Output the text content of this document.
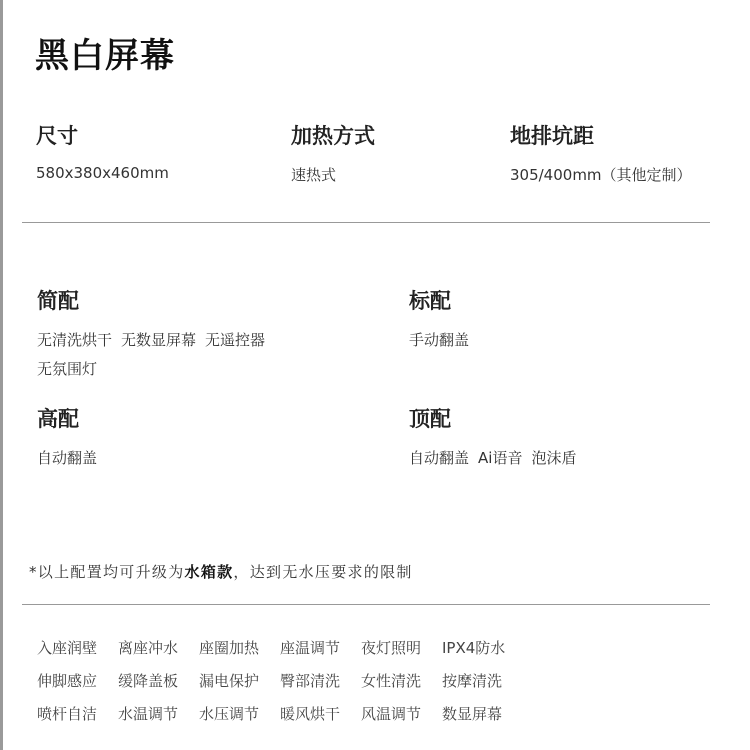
黑白屏幕
尺寸
580x380x460mm
加热方式
速热式
地排坑距
305/400mm（其他定制）
简配
无清洗烘干 无数显屏幕 无遥控器无氛围灯
标配
手动翻盖
高配
自动翻盖
顶配
自动翻盖 Ai语音 泡沫盾
*以上配置均可升级为水箱款，达到无水压要求的限制
入座润壁 离座冲水 座圈加热 座温调节 夜灯照明 IPX4防水
伸脚感应 缓降盖板 漏电保护 臀部清洗 女性清洗 按摩清洗
喷杆自洁 水温调节 水压调节 暖风烘干 风温调节 数显屏幕
